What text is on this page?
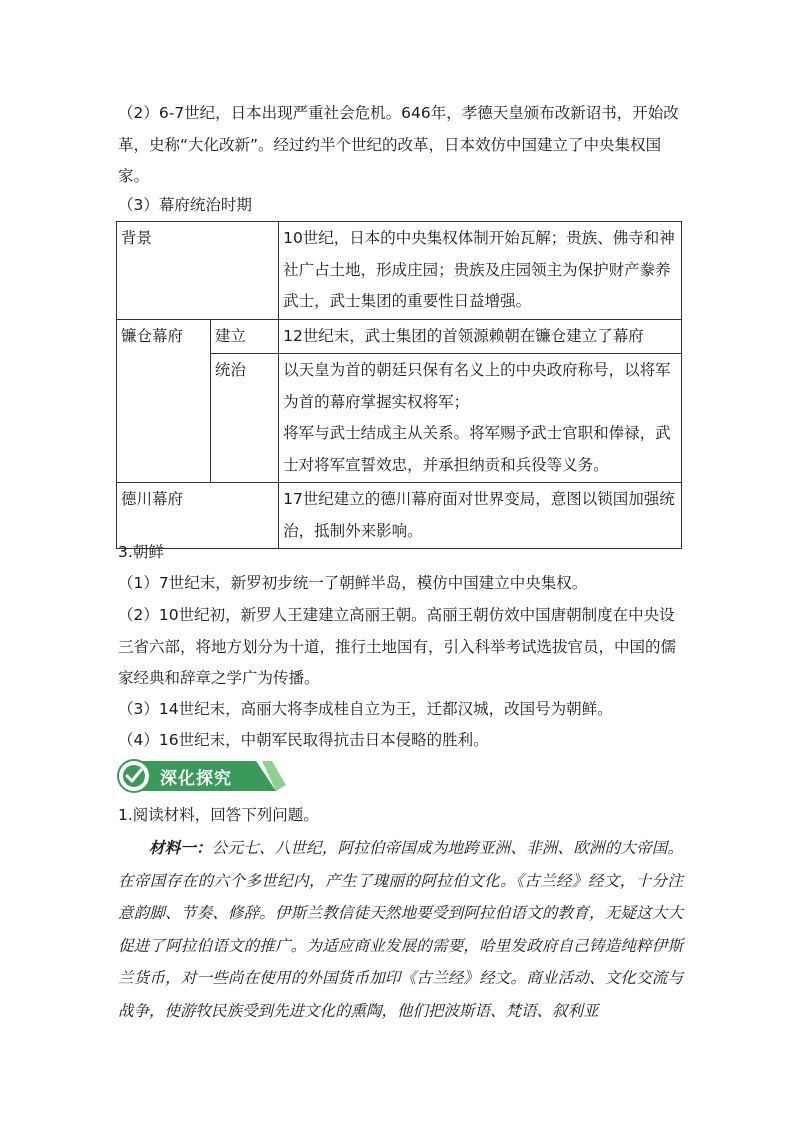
（2）6-7世纪，日本出现严重社会危机。646年，孝德天皇颁布改新诏书，开始改革，史称“大化改新”。经过约半个世纪的改革，日本效仿中国建立了中央集权国家。

（3）幕府统治时期

背景		10世纪，日本的中央集权体制开始瓦解；贵族、佛寺和神社广占土地，形成庄园；贵族及庄园领主为保护财产豢养武士，武士集团的重要性日益增强。
镰仓幕府	建立	12世纪末，武士集团的首领源赖朝在镰仓建立了幕府
	统治	以天皇为首的朝廷只保有名义上的中央政府称号，以将军为首的幕府掌握实权将军；
将军与武士结成主从关系。将军赐予武士官职和俸禄，武士对将军宣誓效忠，并承担纳贡和兵役等义务。

德川幕府		17世纪建立的德川幕府面对世界变局，意图以锁国加强统治，抵制外来影响。

3.朝鲜

（1）7世纪末，新罗初步统一了朝鲜半岛，模仿中国建立中央集权。

（2）10世纪初，新罗人王建建立高丽王朝。高丽王朝仿效中国唐朝制度在中央设三省六部，将地方划分为十道，推行土地国有，引入科举考试选拔官员，中国的儒家经典和辞章之学广为传播。

（3）14世纪末，高丽大将李成桂自立为王，迁都汉城，改国号为朝鲜。

（4）16世纪末，中朝军民取得抗击日本侵略的胜利。

深化探究

1.阅读材料，回答下列问题。

材料一：公元七、八世纪，阿拉伯帝国成为地跨亚洲、非洲、欧洲的大帝国。在帝国存在的六个多世纪内，产生了瑰丽的阿拉伯文化。《古兰经》经文，十分注意韵脚、节奏、修辞。伊斯兰教信徒天然地要受到阿拉伯语文的教育，无疑这大大促进了阿拉伯语文的推广。为适应商业发展的需要，哈里发政府自己铸造纯粹伊斯兰货币，对一些尚在使用的外国货币加印《古兰经》经文。商业活动、文化交流与战争，使游牧民族受到先进文化的熏陶，他们把波斯语、梵语、叙利亚
